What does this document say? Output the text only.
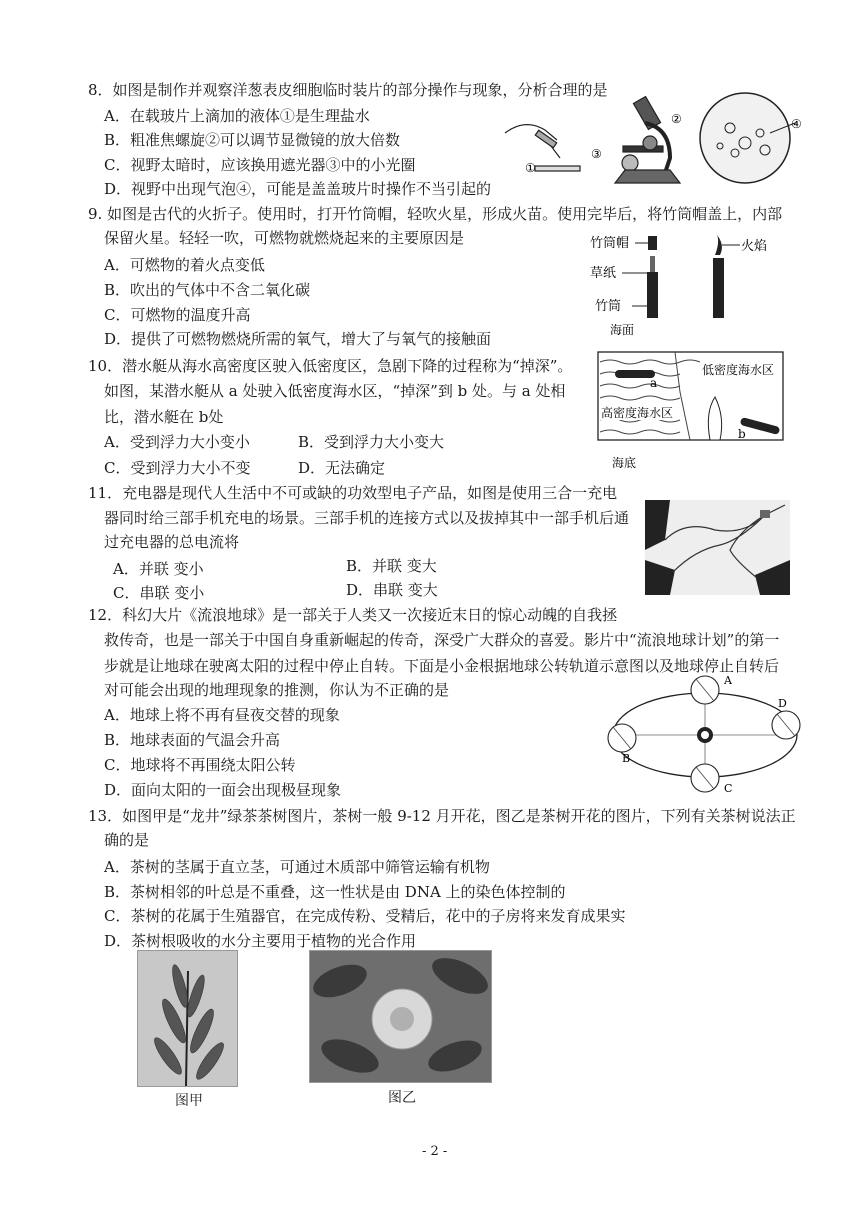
8．如图是制作并观察洋葱表皮细胞临时装片的部分操作与现象，分析合理的是
A．在载玻片上滴加的液体①是生理盐水
B．粗准焦螺旋②可以调节显微镜的放大倍数
C．视野太暗时，应该换用遮光器③中的小光圈
D．视野中出现气泡④，可能是盖盖玻片时操作不当引起的
①
②
③
④
9. 如图是古代的火折子。使用时，打开竹筒帽，轻吹火星，形成火苗。使用完毕后，将竹筒帽盖上，内部
保留火星。轻轻一吹，可燃物就燃烧起来的主要原因是
A．可燃物的着火点变低
B．吹出的气体中不含二氧化碳
C．可燃物的温度升高
D．提供了可燃物燃烧所需的氧气，增大了与氧气的接触面
竹筒帽
草纸
竹筒
火焰
10．潜水艇从海水高密度区驶入低密度区，急剧下降的过程称为“掉深”。
如图，某潜水艇从 a 处驶入低密度海水区，“掉深”到 b 处。与 a 处相
比，潜水艇在 b处
A．受到浮力大小变小	B．受到浮力大小变大
C．受到浮力大小不变	D．无法确定
海面
a
b
低密度海水区
高密度海水区
海底
11．充电器是现代人生活中不可或缺的功效型电子产品，如图是使用三合一充电
器同时给三部手机充电的场景。三部手机的连接方式以及拔掉其中一部手机后通
过充电器的总电流将
A．并联 变小	B．并联 变大
C．串联 变小	D．串联 变大
12．科幻大片《流浪地球》是一部关于人类又一次接近末日的惊心动魄的自我拯
救传奇，也是一部关于中国自身重新崛起的传奇，深受广大群众的喜爱。影片中“流浪地球计划”的第一
步就是让地球在驶离太阳的过程中停止自转。下面是小金根据地球公转轨道示意图以及地球停止自转后
对可能会出现的地理现象的推测，你认为不正确的是
A．地球上将不再有昼夜交替的现象
B．地球表面的气温会升高
C．地球将不再围绕太阳公转
D．面向太阳的一面会出现极昼现象
A
D
C
B
13．如图甲是“龙井”绿茶茶树图片，茶树一般 9-12 月开花，图乙是茶树开花的图片，下列有关茶树说法正
确的是
A．茶树的茎属于直立茎，可通过木质部中筛管运输有机物
B．茶树相邻的叶总是不重叠，这一性状是由 DNA 上的染色体控制的
C．茶树的花属于生殖器官，在完成传粉、受精后，花中的子房将来发育成果实
D．茶树根吸收的水分主要用于植物的光合作用
图甲	图乙
- 2 -
